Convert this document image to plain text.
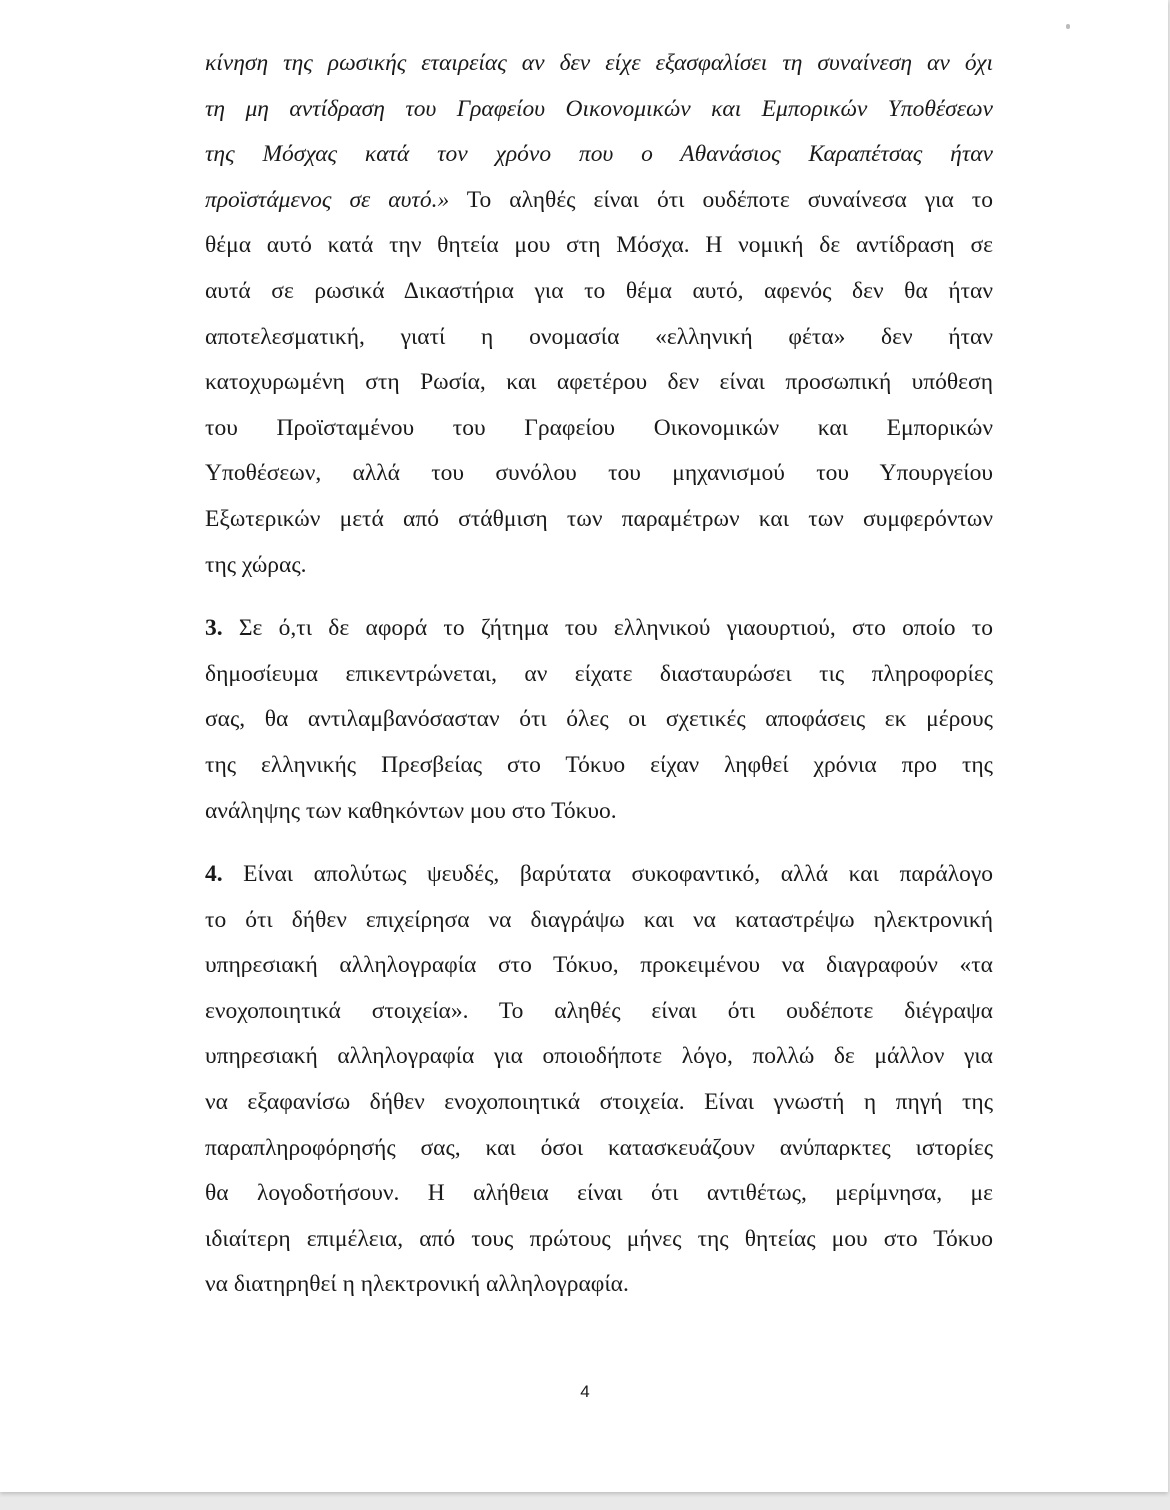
κίνηση της ρωσικής εταιρείας αν δεν είχε εξασφαλίσει τη συναίνεση αν όχι
τη μη αντίδραση του Γραφείου Οικονομικών και Εμπορικών Υποθέσεων
της Μόσχας κατά τον χρόνο που ο Αθανάσιος Καραπέτσας ήταν
προϊστάμενος σε αυτό.» Το αληθές είναι ότι ουδέποτε συναίνεσα για το
θέμα αυτό κατά την θητεία μου στη Μόσχα. Η νομική δε αντίδραση σε
αυτά σε ρωσικά Δικαστήρια για το θέμα αυτό, αφενός δεν θα ήταν
αποτελεσματική, γιατί η ονομασία «ελληνική φέτα» δεν ήταν
κατοχυρωμένη στη Ρωσία, και αφετέρου δεν είναι προσωπική υπόθεση
του Προϊσταμένου του Γραφείου Οικονομικών και Εμπορικών
Υποθέσεων, αλλά του συνόλου του μηχανισμού του Υπουργείου
Εξωτερικών μετά από στάθμιση των παραμέτρων και των συμφερόντων
της χώρας.
3. Σε ό,τι δε αφορά το ζήτημα του ελληνικού γιαουρτιού, στο οποίο το
δημοσίευμα επικεντρώνεται, αν είχατε διασταυρώσει τις πληροφορίες
σας, θα αντιλαμβανόσασταν ότι όλες οι σχετικές αποφάσεις εκ μέρους
της ελληνικής Πρεσβείας στο Τόκυο είχαν ληφθεί χρόνια προ της
ανάληψης των καθηκόντων μου στο Τόκυο.
4. Είναι απολύτως ψευδές, βαρύτατα συκοφαντικό, αλλά και παράλογο
το ότι δήθεν επιχείρησα να διαγράψω και να καταστρέψω ηλεκτρονική
υπηρεσιακή αλληλογραφία στο Τόκυο, προκειμένου να διαγραφούν «τα
ενοχοποιητικά στοιχεία». Το αληθές είναι ότι ουδέποτε διέγραψα
υπηρεσιακή αλληλογραφία για οποιοδήποτε λόγο, πολλώ δε μάλλον για
να εξαφανίσω δήθεν ενοχοποιητικά στοιχεία. Είναι γνωστή η πηγή της
παραπληροφόρησής σας, και όσοι κατασκευάζουν ανύπαρκτες ιστορίες
θα λογοδοτήσουν. Η αλήθεια είναι ότι αντιθέτως, μερίμνησα, με
ιδιαίτερη επιμέλεια, από τους πρώτους μήνες της θητείας μου στο Τόκυο
να διατηρηθεί η ηλεκτρονική αλληλογραφία.
4
